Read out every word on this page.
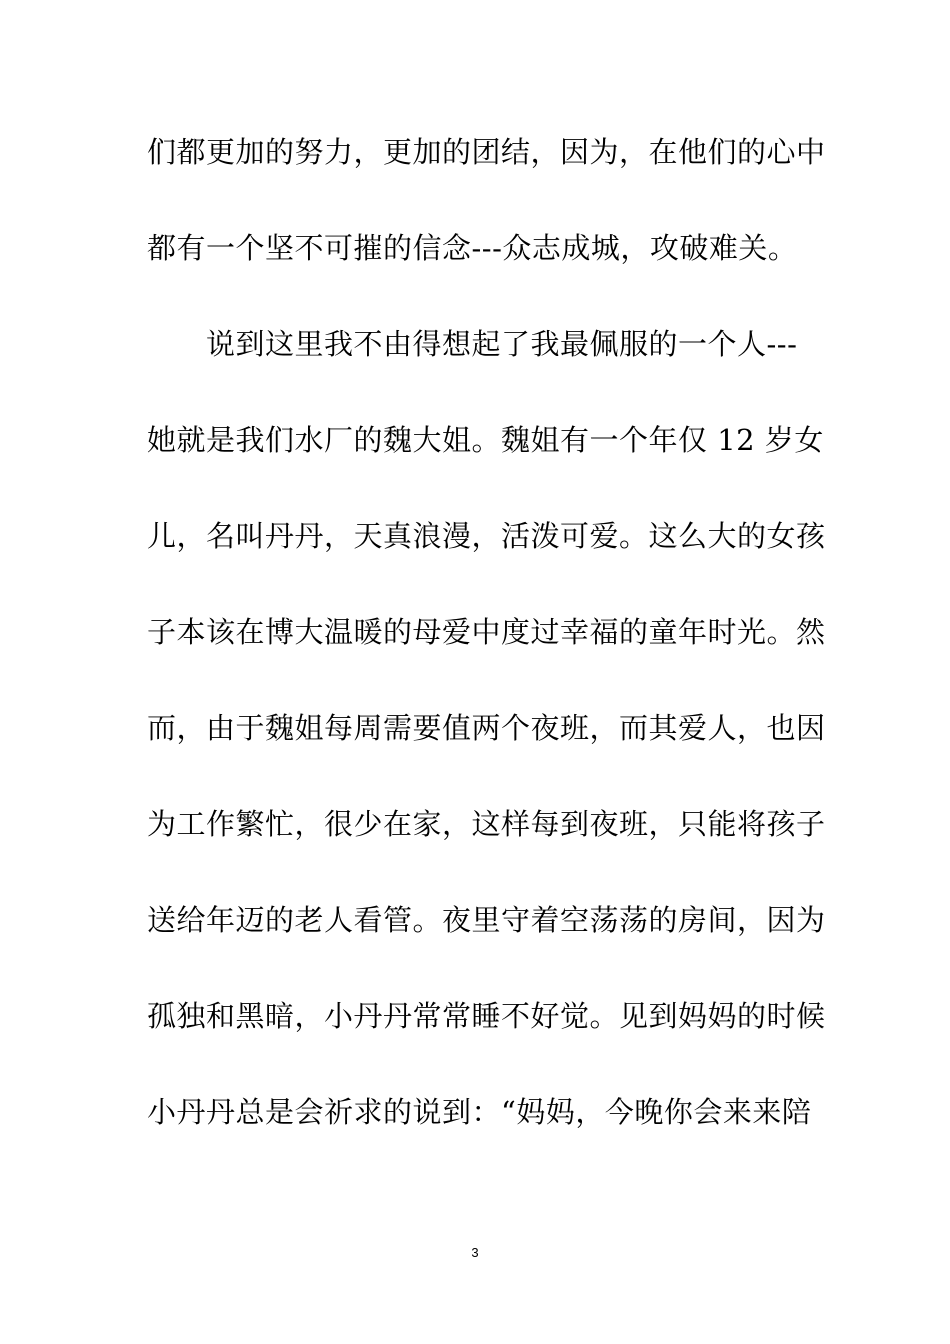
们都更加的努力，更加的团结，因为，在他们的心中
都有一个坚不可摧的信念---众志成城，攻破难关。
　　说到这里我不由得想起了我最佩服的一个人---
她就是我们水厂的魏大姐。魏姐有一个年仅 12 岁女
儿，名叫丹丹，天真浪漫，活泼可爱。这么大的女孩
子本该在博大温暖的母爱中度过幸福的童年时光。然
而，由于魏姐每周需要值两个夜班，而其爱人，也因
为工作繁忙，很少在家，这样每到夜班，只能将孩子
送给年迈的老人看管。夜里守着空荡荡的房间，因为
孤独和黑暗，小丹丹常常睡不好觉。见到妈妈的时候
小丹丹总是会祈求的说到：“妈妈，今晚你会来来陪
3
